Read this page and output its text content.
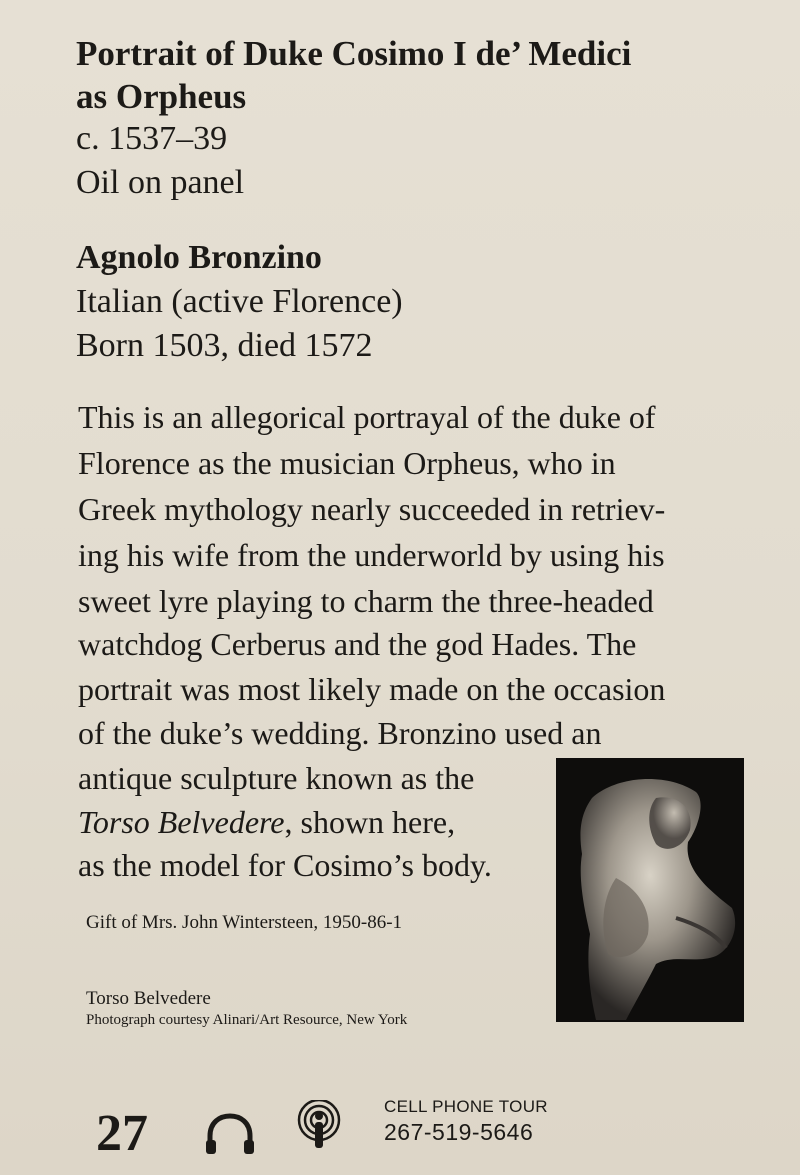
Portrait of Duke Cosimo I de’ Medici
as Orpheus
c. 1537–39
Oil on panel
Agnolo Bronzino
Italian (active Florence)
Born 1503, died 1572
This is an allegorical portrayal of the duke of
Florence as the musician Orpheus, who in
Greek mythology nearly succeeded in retriev-
ing his wife from the underworld by using his
sweet lyre playing to charm the three-headed
watchdog Cerberus and the god Hades. The
portrait was most likely made on the occasion
of the duke’s wedding. Bronzino used an
antique sculpture known as the
Torso Belvedere, shown here,
as the model for Cosimo’s body.
Gift of Mrs. John Wintersteen, 1950-86-1
Torso Belvedere
Photograph courtesy Alinari/Art Resource, New York
27	CELL PHONE TOUR
267-519-5646
